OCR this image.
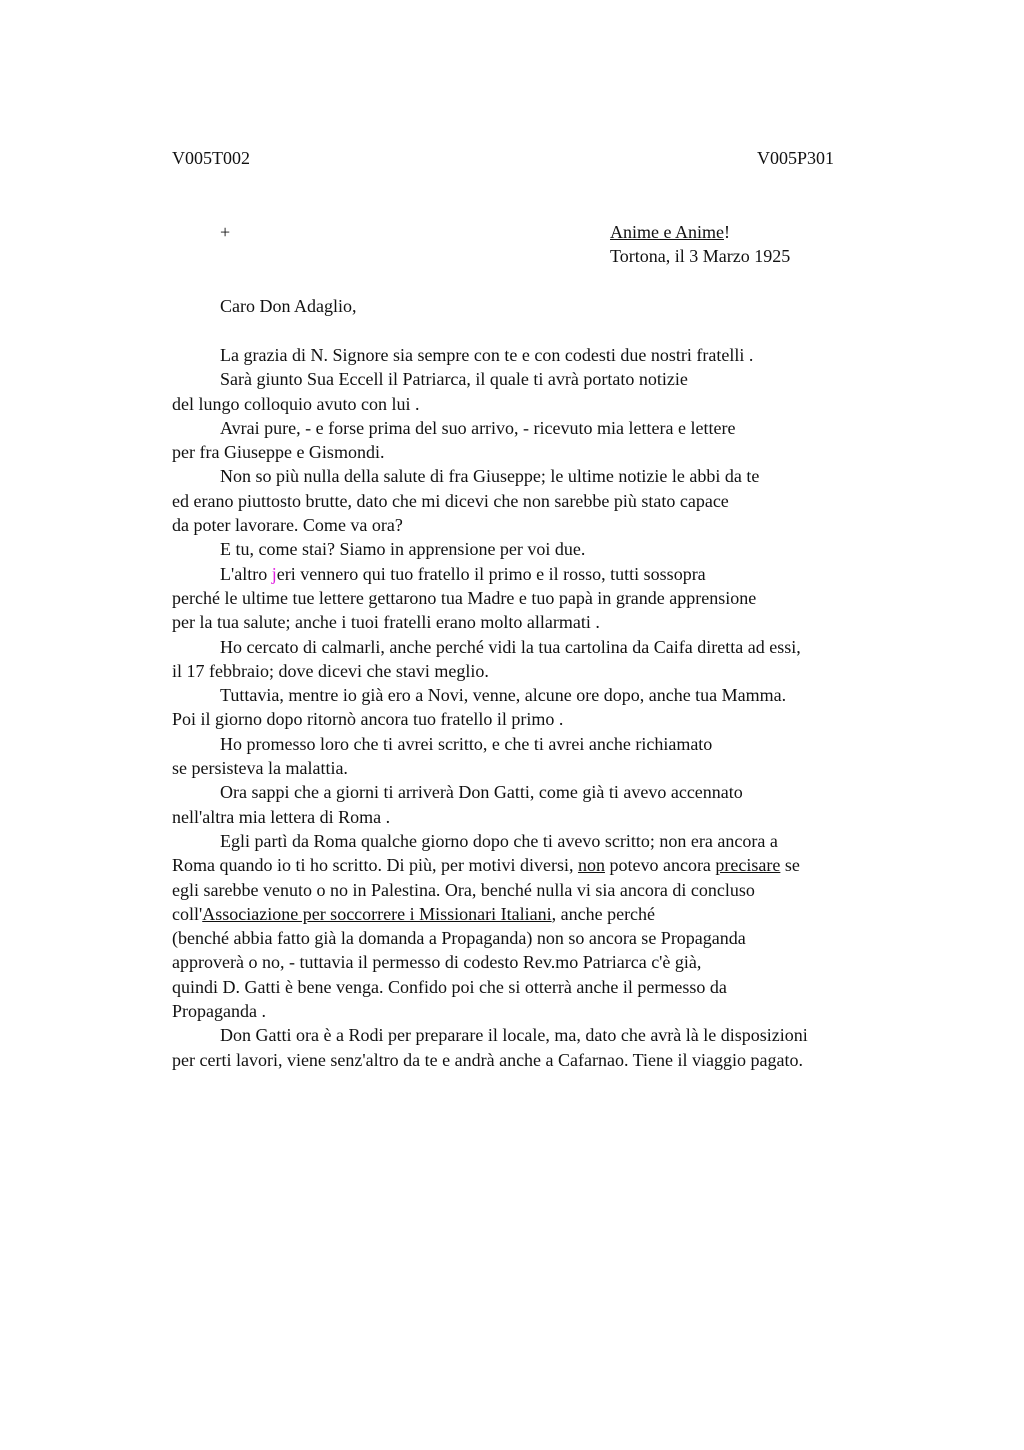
V005T002	V005P301
+	Anime e Anime!
Tortona, il 3 Marzo 1925
Caro Don Adaglio,
La grazia di N. Signore sia sempre con te e con codesti due nostri fratelli .
Sarà giunto Sua Eccell il Patriarca, il quale ti avrà portato notizie
del lungo colloquio avuto con lui .
Avrai pure, - e forse prima del suo arrivo, - ricevuto mia lettera e lettere
per fra Giuseppe e Gismondi.
Non so più nulla della salute di fra Giuseppe; le ultime notizie le abbi da te
ed erano piuttosto brutte, dato che mi dicevi che non sarebbe più stato capace
da poter lavorare. Come va ora?
E tu, come stai? Siamo in apprensione per voi due.
L'altro jeri vennero qui tuo fratello il primo e il rosso, tutti sossopra
perché le ultime tue lettere gettarono tua Madre e tuo papà in grande apprensione
per la tua salute; anche i tuoi fratelli erano molto allarmati .
Ho cercato di calmarli, anche perché vidi la tua cartolina da Caifa diretta ad essi,
il 17 febbraio; dove dicevi che stavi meglio.
Tuttavia, mentre io già ero a Novi, venne, alcune ore dopo, anche tua Mamma.
Poi il giorno dopo ritornò ancora tuo fratello il primo .
Ho promesso loro che ti avrei scritto, e che ti avrei anche richiamato
se persisteva la malattia.
Ora sappi che a giorni ti arriverà Don Gatti, come già ti avevo accennato
nell'altra mia lettera di Roma .
Egli partì da Roma qualche giorno dopo che ti avevo scritto; non era ancora a
Roma quando io ti ho scritto. Di più, per motivi diversi, non potevo ancora precisare se
egli sarebbe venuto o no in Palestina. Ora, benché nulla vi sia ancora di concluso
coll'Associazione per soccorrere i Missionari Italiani, anche perché
(benché abbia fatto già la domanda a Propaganda) non so ancora se Propaganda
approverà o no, - tuttavia il permesso di codesto Rev.mo Patriarca c'è già,
quindi D. Gatti è bene venga. Confido poi che si otterrà anche il permesso da
Propaganda .
Don Gatti ora è a Rodi per preparare il locale, ma, dato che avrà là le disposizioni
per certi lavori, viene senz'altro da te e andrà anche a Cafarnao. Tiene il viaggio pagato.
